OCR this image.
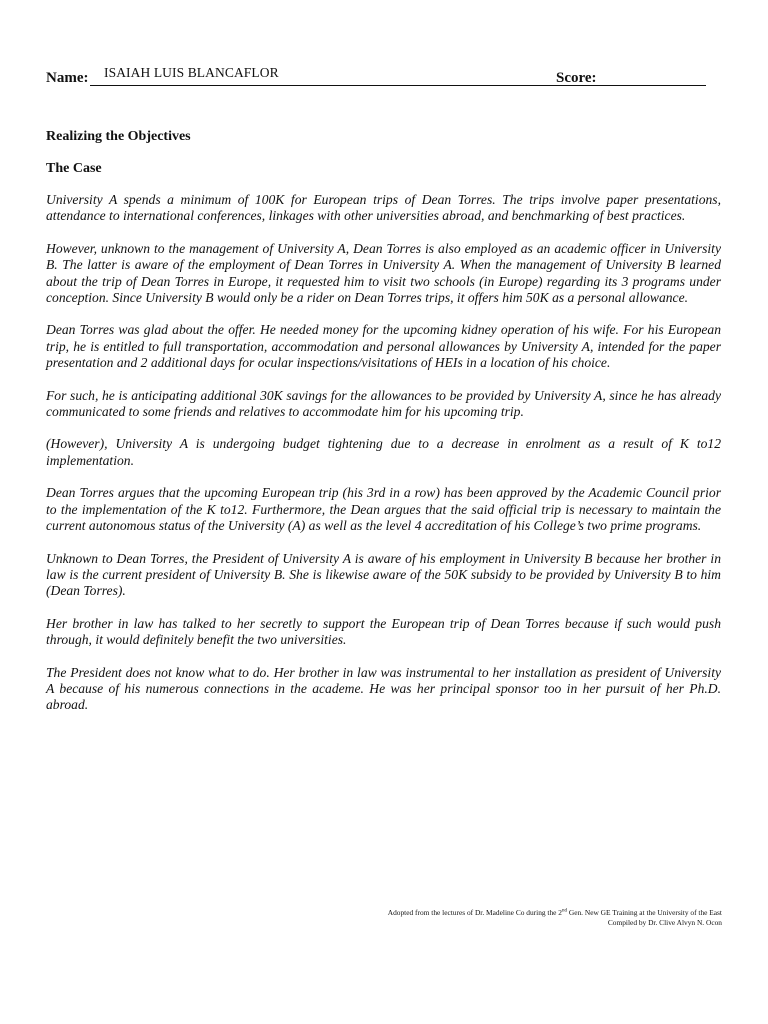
Name: ISAIAH LUIS BLANCAFLOR	Score:

Realizing the Objectives

The Case

University A spends a minimum of 100K for European trips of Dean Torres. The trips involve paper presentations, attendance to international conferences, linkages with other universities abroad, and benchmarking of best practices.

However, unknown to the management of University A, Dean Torres is also employed as an academic officer in University B. The latter is aware of the employment of Dean Torres in University A. When the management of University B learned about the trip of Dean Torres in Europe, it requested him to visit two schools (in Europe) regarding its 3 programs under conception. Since University B would only be a rider on Dean Torres trips, it offers him 50K as a personal allowance.

Dean Torres was glad about the offer. He needed money for the upcoming kidney operation of his wife. For his European trip, he is entitled to full transportation, accommodation and personal allowances by University A, intended for the paper presentation and 2 additional days for ocular inspections/visitations of HEIs in a location of his choice.

For such, he is anticipating additional 30K savings for the allowances to be provided by University A, since he has already communicated to some friends and relatives to accommodate him for his upcoming trip.

(However), University A is undergoing budget tightening due to a decrease in enrolment as a result of K to12 implementation.

Dean Torres argues that the upcoming European trip (his 3rd in a row) has been approved by the Academic Council prior to the implementation of the K to12. Furthermore, the Dean argues that the said official trip is necessary to maintain the current autonomous status of the University (A) as well as the level 4 accreditation of his College’s two prime programs.

Unknown to Dean Torres, the President of University A is aware of his employment in University B because her brother in law is the current president of University B. She is likewise aware of the 50K subsidy to be provided by University B to him (Dean Torres).

Her brother in law has talked to her secretly to support the European trip of Dean Torres because if such would push through, it would definitely benefit the two universities.

The President does not know what to do. Her brother in law was instrumental to her installation as president of University A because of his numerous connections in the academe. He was her principal sponsor too in her pursuit of her Ph.D. abroad.

Adopted from the lectures of Dr. Madeline Co during the 2nd Gen. New GE Training at the University of the East
Compiled by Dr. Clive Alvyn N. Ocon
